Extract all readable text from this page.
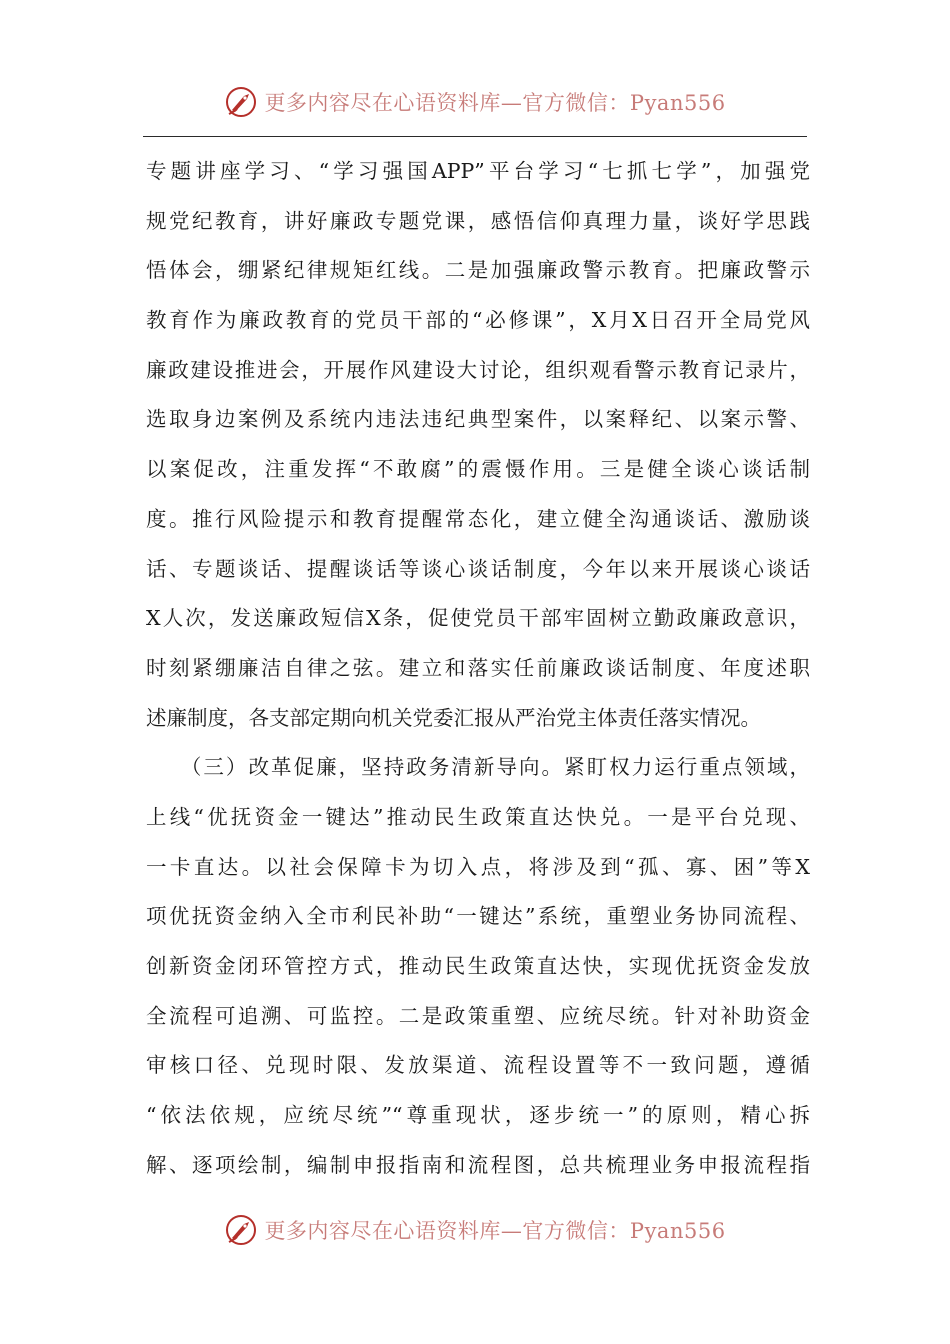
更多内容尽在心语资料库—官方微信：Pyan556
专题讲座学习、“学习强国APP”平台学习“七抓七学”，加强党
规党纪教育，讲好廉政专题党课，感悟信仰真理力量，谈好学思践
悟体会，绷紧纪律规矩红线。二是加强廉政警示教育。把廉政警示
教育作为廉政教育的党员干部的“必修课”，X月X日召开全局党风
廉政建设推进会，开展作风建设大讨论，组织观看警示教育记录片，
选取身边案例及系统内违法违纪典型案件，以案释纪、以案示警、
以案促改，注重发挥“不敢腐”的震慑作用。三是健全谈心谈话制
度。推行风险提示和教育提醒常态化，建立健全沟通谈话、激励谈
话、专题谈话、提醒谈话等谈心谈话制度，今年以来开展谈心谈话
X人次，发送廉政短信X条，促使党员干部牢固树立勤政廉政意识，
时刻紧绷廉洁自律之弦。建立和落实任前廉政谈话制度、年度述职
述廉制度，各支部定期向机关党委汇报从严治党主体责任落实情况。
　　（三）改革促廉，坚持政务清新导向。紧盯权力运行重点领域，
上线“优抚资金一键达”推动民生政策直达快兑。一是平台兑现、
一卡直达。以社会保障卡为切入点，将涉及到“孤、寡、困”等X
项优抚资金纳入全市利民补助“一键达”系统，重塑业务协同流程、
创新资金闭环管控方式，推动民生政策直达快，实现优抚资金发放
全流程可追溯、可监控。二是政策重塑、应统尽统。针对补助资金
审核口径、兑现时限、发放渠道、流程设置等不一致问题，遵循
“依法依规，应统尽统”“尊重现状，逐步统一”的原则，精心拆
解、逐项绘制，编制申报指南和流程图，总共梳理业务申报流程指
更多内容尽在心语资料库—官方微信：Pyan556
